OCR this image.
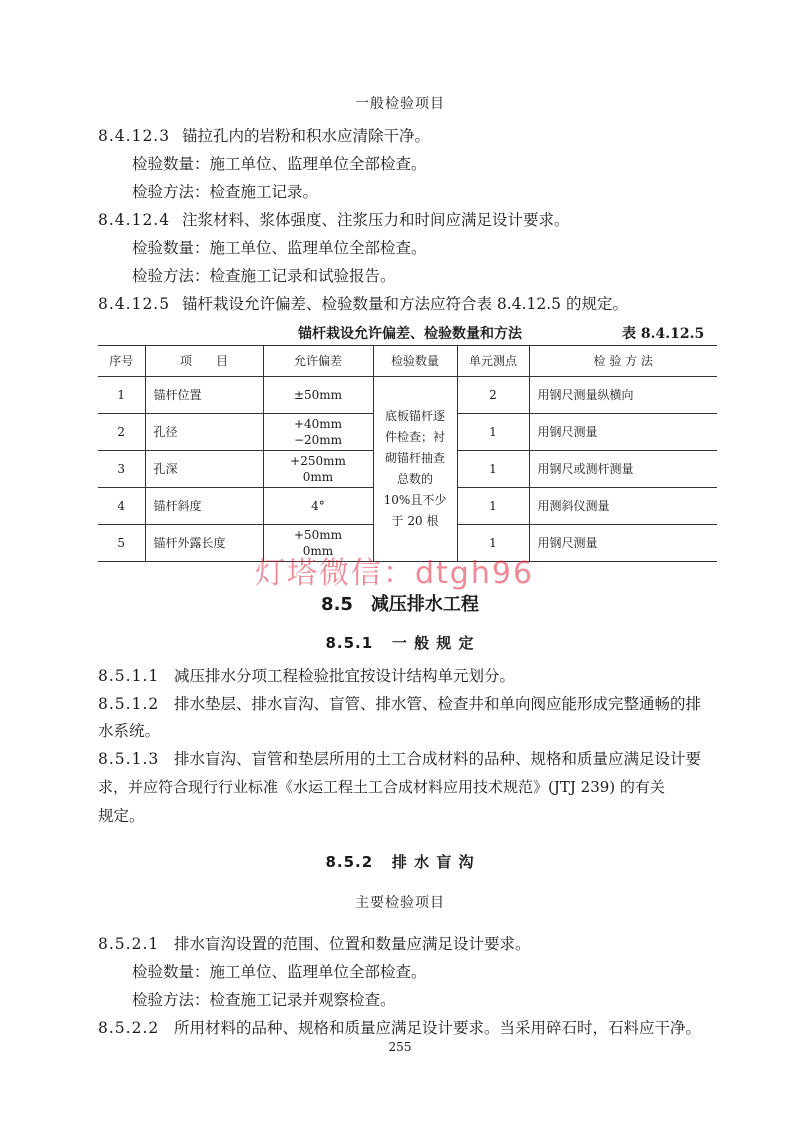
一般检验项目
8.4.12.3 锚拉孔内的岩粉和积水应清除干净。
检验数量：施工单位、监理单位全部检查。
检验方法：检查施工记录。
8.4.12.4 注浆材料、浆体强度、注浆压力和时间应满足设计要求。
检验数量：施工单位、监理单位全部检查。
检验方法：检查施工记录和试验报告。
8.4.12.5 锚杆栽设允许偏差、检验数量和方法应符合表 8.4.12.5 的规定。
锚杆栽设允许偏差、检验数量和方法	表 8.4.12.5
序号	项　　目	允许偏差	检验数量	单元测点	检 验 方 法
1	锚杆位置	±50mm	底板锚杆逐件检查；衬砌锚杆抽查总数的 10%且不少于 20 根	2	用钢尺测量纵横向
2	孔径	+40mm
−20mm		1	用钢尺测量
3	孔深	+250mm
0mm		1	用钢尺或测杆测量
4	锚杆斜度	4°		1	用测斜仪测量
5	锚杆外露长度	+50mm
0mm		1	用钢尺测量
灯塔微信：dtgh96
8.5　减压排水工程
8.5.1 一 般 规 定
8.5.1.1 减压排水分项工程检验批宜按设计结构单元划分。
8.5.1.2 排水垫层、排水盲沟、盲管、排水管、检查井和单向阀应能形成完整通畅的排
水系统。
8.5.1.3 排水盲沟、盲管和垫层所用的土工合成材料的品种、规格和质量应满足设计要
求，并应符合现行行业标准《水运工程土工合成材料应用技术规范》(JTJ 239) 的有关
规定。
8.5.2 排 水 盲 沟
主要检验项目
8.5.2.1 排水盲沟设置的范围、位置和数量应满足设计要求。
检验数量：施工单位、监理单位全部检查。
检验方法：检查施工记录并观察检查。
8.5.2.2 所用材料的品种、规格和质量应满足设计要求。当采用碎石时，石料应干净。
255
